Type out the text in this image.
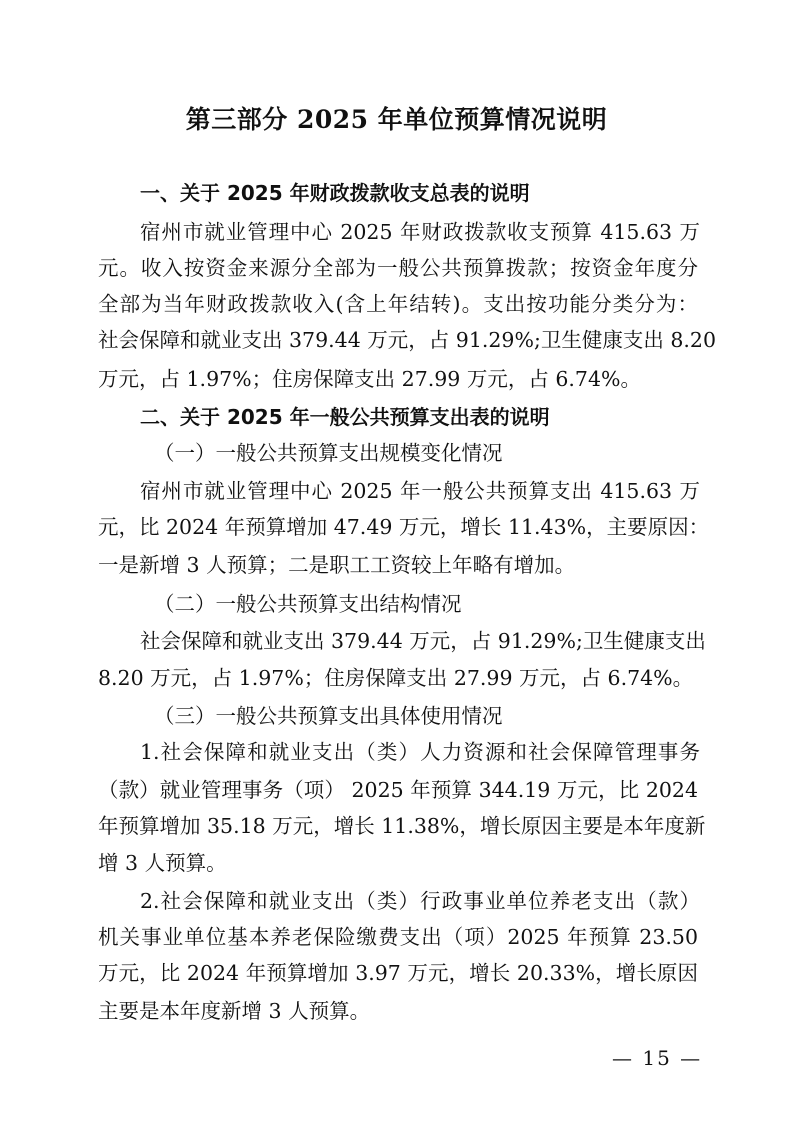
第三部分 2025 年单位预算情况说明
一、关于 2025 年财政拨款收支总表的说明
宿州市就业管理中心 2025 年财政拨款收支预算 415.63 万
元。收入按资金来源分全部为一般公共预算拨款；按资金年度分
全部为当年财政拨款收入(含上年结转)。支出按功能分类分为：
社会保障和就业支出 379.44 万元，占 91.29%;卫生健康支出 8.20
万元，占 1.97%；住房保障支出 27.99 万元，占 6.74%。
二、关于 2025 年一般公共预算支出表的说明
（一）一般公共预算支出规模变化情况
宿州市就业管理中心 2025 年一般公共预算支出 415.63 万
元，比 2024 年预算增加 47.49 万元，增长 11.43%，主要原因：
一是新增 3 人预算；二是职工工资较上年略有增加。
（二）一般公共预算支出结构情况
社会保障和就业支出 379.44 万元，占 91.29%;卫生健康支出
8.20 万元，占 1.97%；住房保障支出 27.99 万元，占 6.74%。
（三）一般公共预算支出具体使用情况
1.社会保障和就业支出（类）人力资源和社会保障管理事务
（款）就业管理事务（项） 2025 年预算 344.19 万元，比 2024
年预算增加 35.18 万元，增长 11.38%，增长原因主要是本年度新
增 3 人预算。
2.社会保障和就业支出（类）行政事业单位养老支出（款）
机关事业单位基本养老保险缴费支出（项）2025 年预算 23.50
万元，比 2024 年预算增加 3.97 万元，增长 20.33%，增长原因
主要是本年度新增 3 人预算。
— 15 —
